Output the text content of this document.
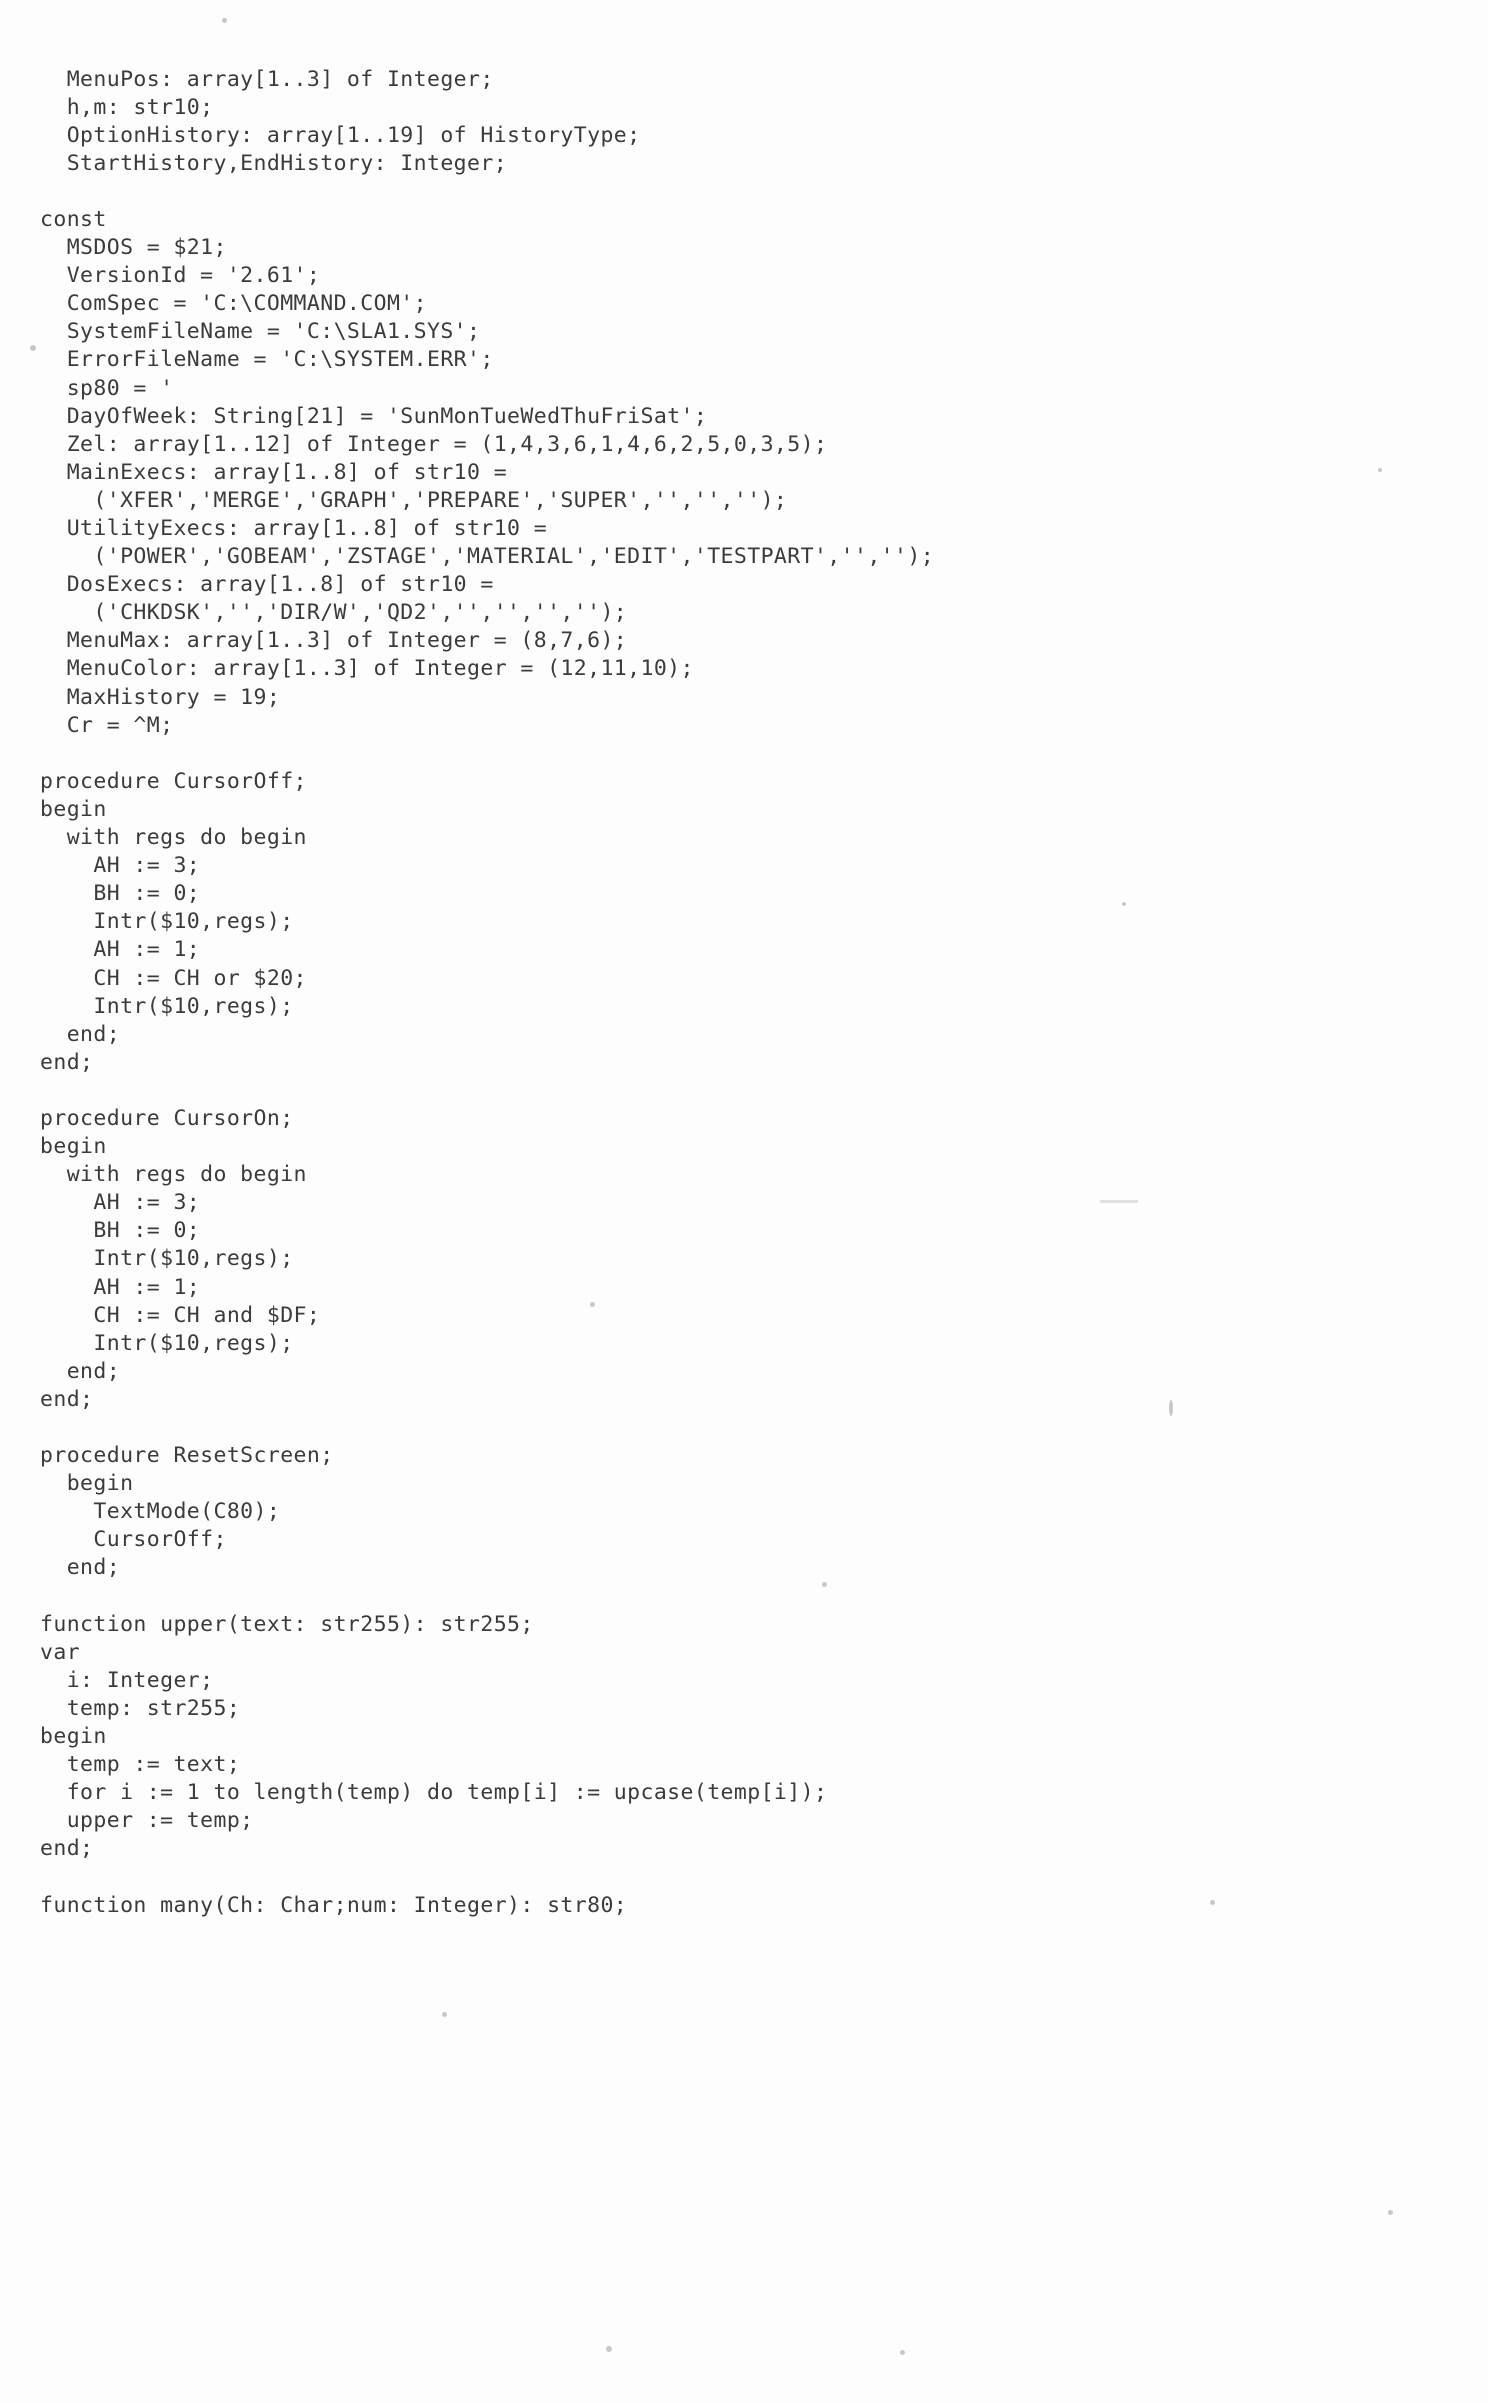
MenuPos: array[1..3] of Integer;
h,m: str10;
OptionHistory: array[1..19] of HistoryType;
StartHistory,EndHistory: Integer;

const
MSDOS = $21;
VersionId = '2.61';
ComSpec = 'C:\COMMAND.COM';
SystemFileName = 'C:\SLA1.SYS';
ErrorFileName = 'C:\SYSTEM.ERR';
sp80 = '
DayOfWeek: String[21] = 'SunMonTueWedThuFriSat';
Zel: array[1..12] of Integer = (1,4,3,6,1,4,6,2,5,0,3,5);
MainExecs: array[1..8] of str10 =
('XFER','MERGE','GRAPH','PREPARE','SUPER','','','');
UtilityExecs: array[1..8] of str10 =
('POWER','GOBEAM','ZSTAGE','MATERIAL','EDIT','TESTPART','','');
DosExecs: array[1..8] of str10 =
('CHKDSK','','DIR/W','QD2','','','','');
MenuMax: array[1..3] of Integer = (8,7,6);
MenuColor: array[1..3] of Integer = (12,11,10);
MaxHistory = 19;
Cr = ^M;

procedure CursorOff;
begin
with regs do begin
AH := 3;
BH := 0;
Intr($10,regs);
AH := 1;
CH := CH or $20;
Intr($10,regs);
end;
end;

procedure CursorOn;
begin
with regs do begin
AH := 3;
BH := 0;
Intr($10,regs);
AH := 1;
CH := CH and $DF;
Intr($10,regs);
end;
end;

procedure ResetScreen;
begin
TextMode(C80);
CursorOff;
end;

function upper(text: str255): str255;
var
i: Integer;
temp: str255;
begin
temp := text;
for i := 1 to length(temp) do temp[i] := upcase(temp[i]);
upper := temp;
end;

function many(Ch: Char;num: Integer): str80;
